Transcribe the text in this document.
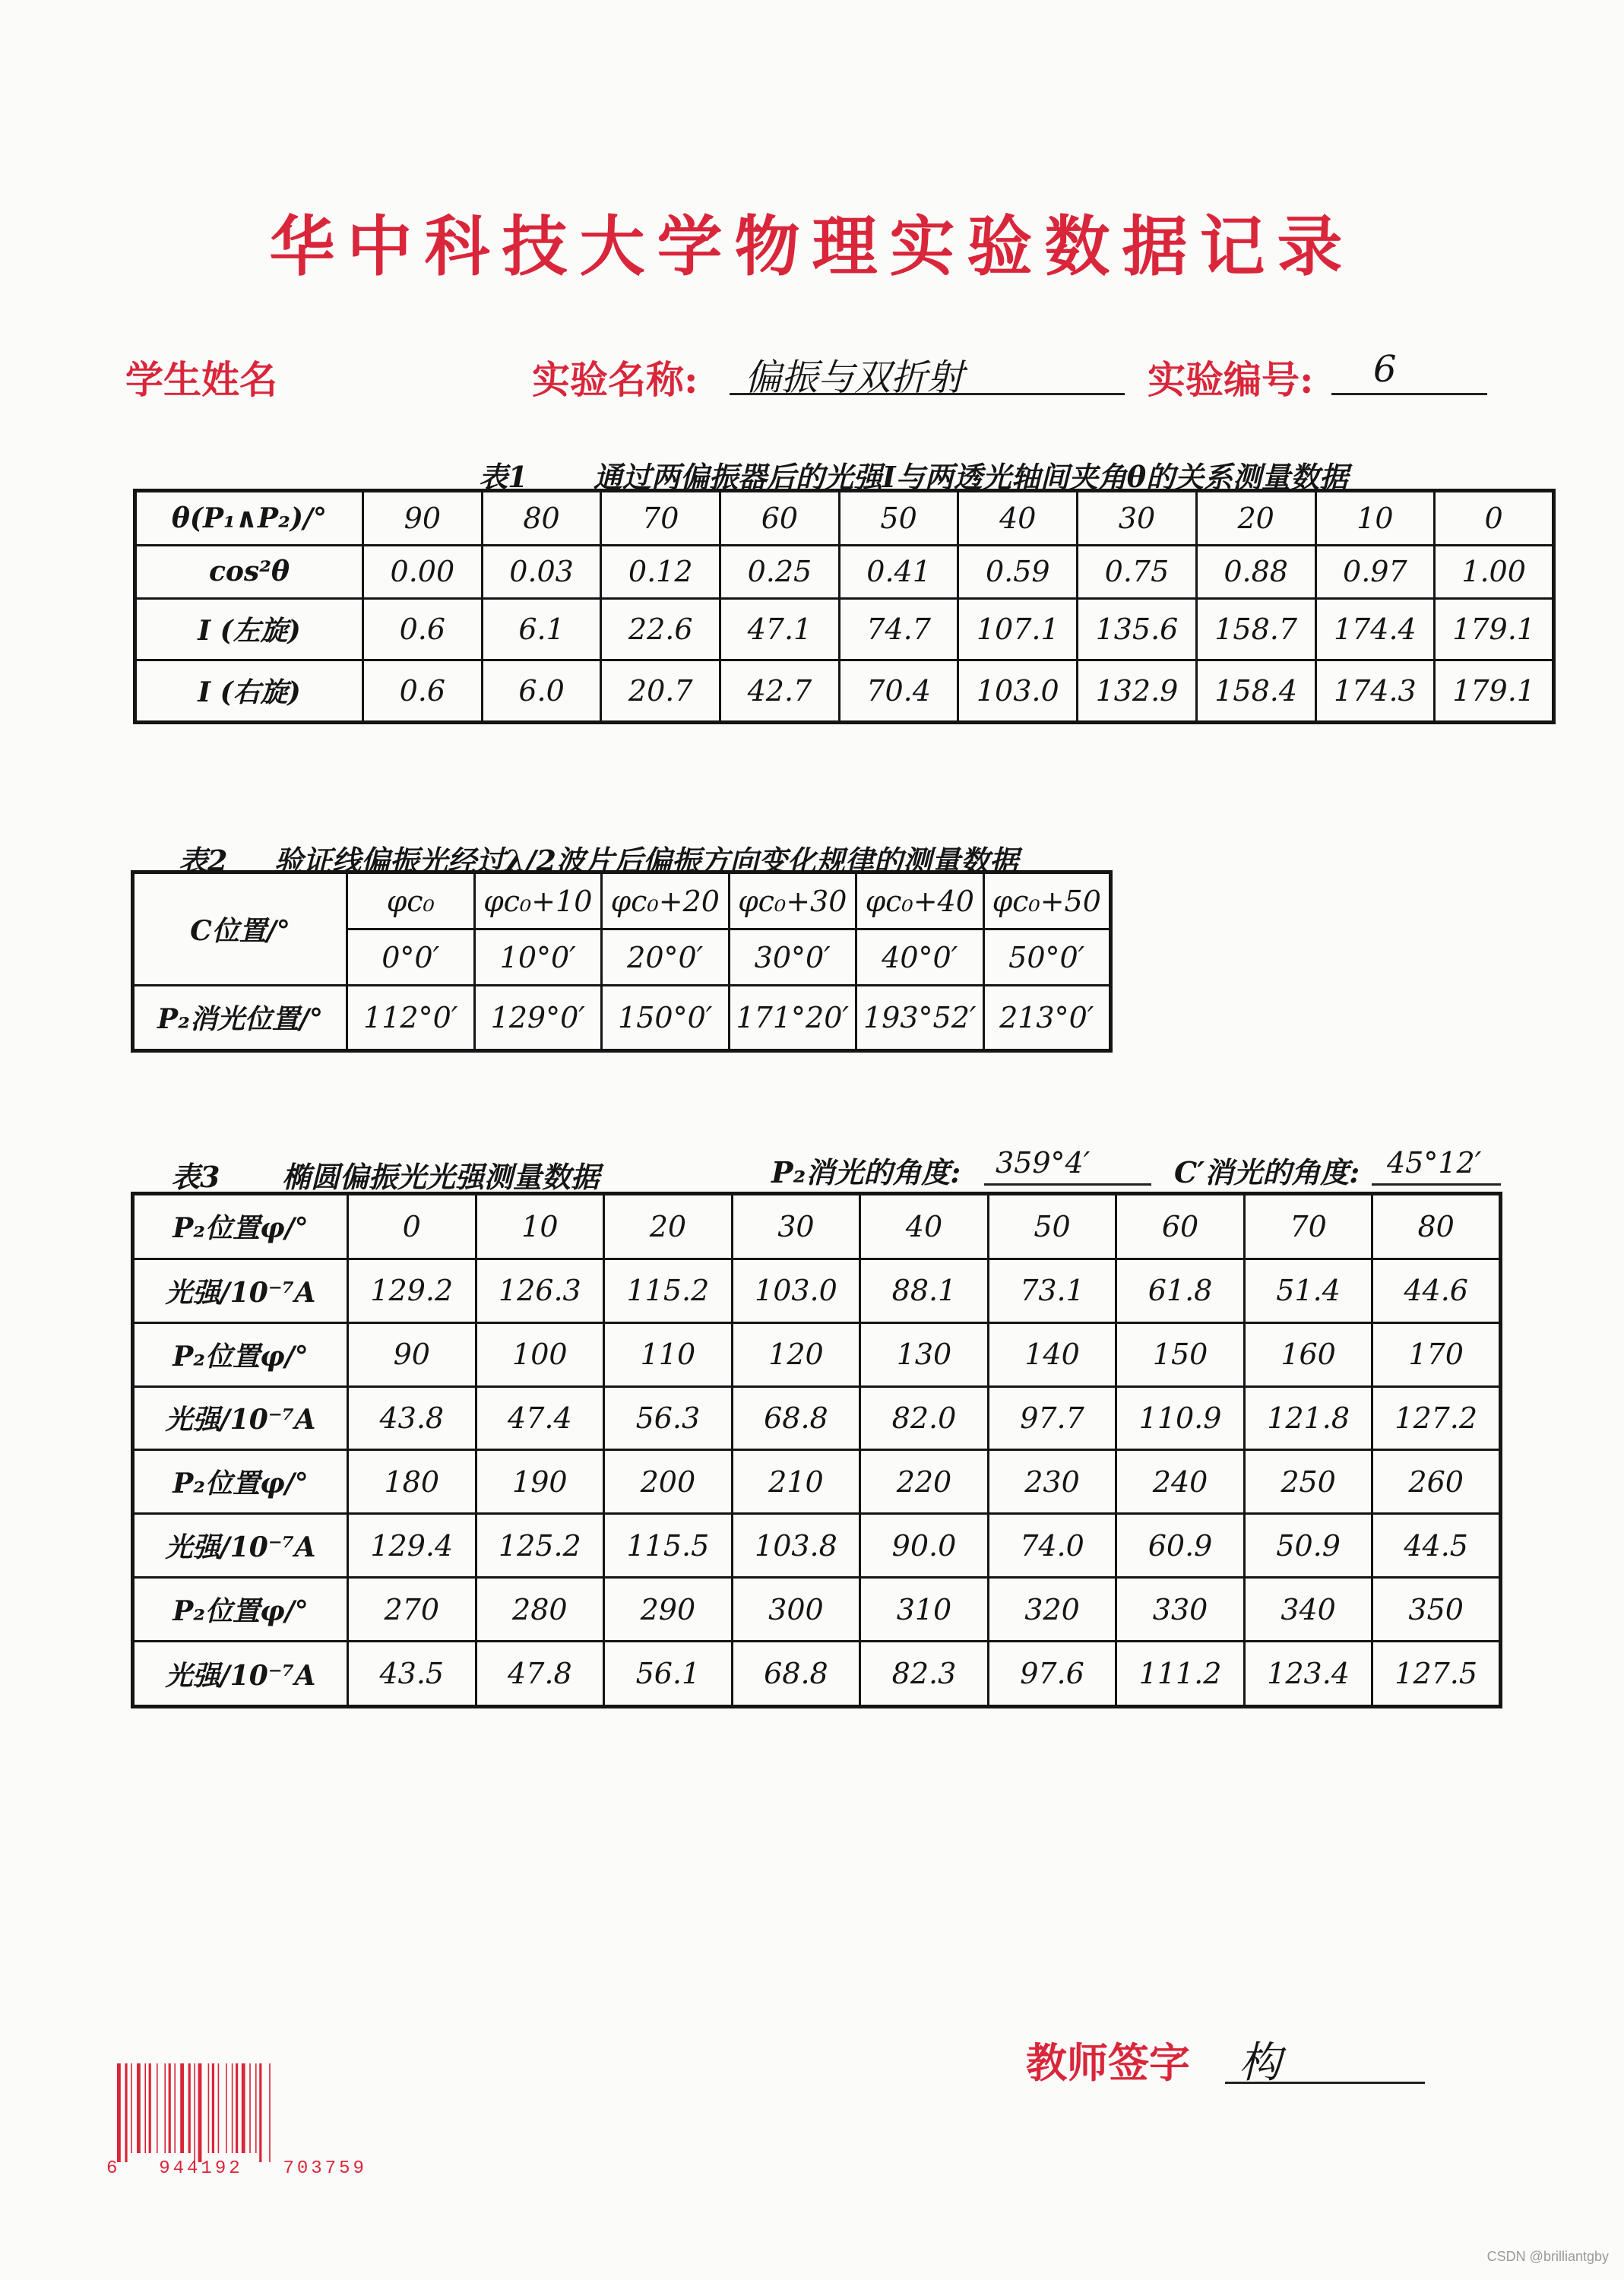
华中科技大学物理实验数据记录
学生姓名	实验名称:	偏振与双折射	实验编号:	6
表1 通过两偏振器后的光强I与两透光轴间夹角θ的关系测量数据
θ(P₁∧P₂)/°	90	80	70	60	50	40	30	20	10	0
cos²θ	0.00	0.03	0.12	0.25	0.41	0.59	0.75	0.88	0.97	1.00
I (左旋)	0.6	6.1	22.6	47.1	74.7	107.1	135.6	158.7	174.4	179.1
I (右旋)	0.6	6.0	20.7	42.7	70.4	103.0	132.9	158.4	174.3	179.1
表2 验证线偏振光经过λ/2波片后偏振方向变化规律的测量数据
C位置/°	φc₀	φc₀+10	φc₀+20	φc₀+30	φc₀+40	φc₀+50
	0°0′	10°0′	20°0′	30°0′	40°0′	50°0′
P₂消光位置/°	112°0′	129°0′	150°0′	171°20′	193°52′	213°0′
表3 椭圆偏振光光强测量数据	P₂消光的角度:	359°4′	C′消光的角度: 45°12′
P₂位置φ/°	0	10	20	30	40	50	60	70	80
光强/10⁻⁷A	129.2	126.3	115.2	103.0	88.1	73.1	61.8	51.4	44.6
P₂位置φ/°	90	100	110	120	130	140	150	160	170
光强/10⁻⁷A	43.8	47.4	56.3	68.8	82.0	97.7	110.9	121.8	127.2
P₂位置φ/°	180	190	200	210	220	230	240	250	260
光强/10⁻⁷A	129.4	125.2	115.5	103.8	90.0	74.0	60.9	50.9	44.5
P₂位置φ/°	270	280	290	300	310	320	330	340	350
光强/10⁻⁷A	43.5	47.8	56.1	68.8	82.3	97.6	111.2	123.4	127.5
教师签字	构
6 944192 703759
CSDN @brilliantgby
